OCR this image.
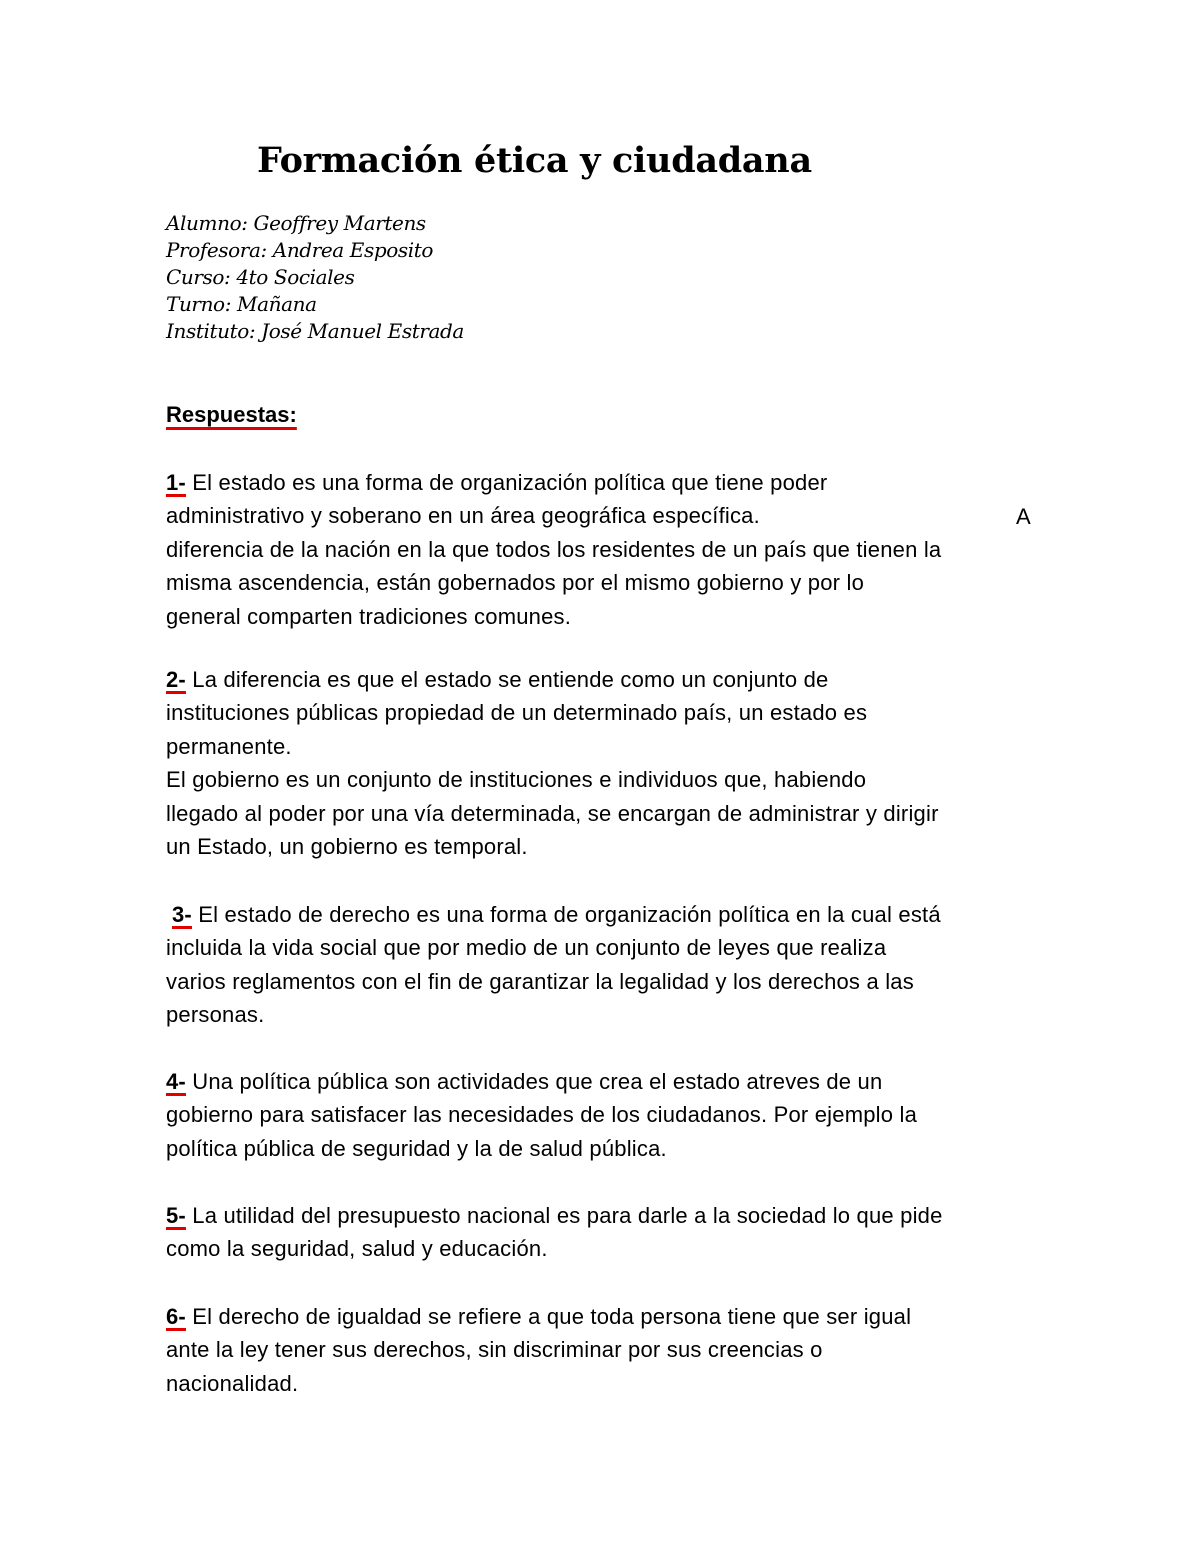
Formación ética y ciudadana
Alumno: Geoffrey Martens
Profesora: Andrea Esposito
Curso: 4to Sociales
Turno: Mañana
Instituto: José Manuel Estrada
Respuestas:
1- El estado es una forma de organización política que tiene poder
administrativo y soberano en un área geográfica específica.
diferencia de la nación en la que todos los residentes de un país que tienen la
misma ascendencia, están gobernados por el mismo gobierno y por lo
general comparten tradiciones comunes.
A
2- La diferencia es que el estado se entiende como un conjunto de
instituciones públicas propiedad de un determinado país, un estado es
permanente.
El gobierno es un conjunto de instituciones e individuos que, habiendo
llegado al poder por una vía determinada, se encargan de administrar y dirigir
un Estado, un gobierno es temporal.
3- El estado de derecho es una forma de organización política en la cual está
incluida la vida social que por medio de un conjunto de leyes que realiza
varios reglamentos con el fin de garantizar la legalidad y los derechos a las
personas.
4- Una política pública son actividades que crea el estado atreves de un
gobierno para satisfacer las necesidades de los ciudadanos. Por ejemplo la
política pública de seguridad y la de salud pública.
5- La utilidad del presupuesto nacional es para darle a la sociedad lo que pide
como la seguridad, salud y educación.
6- El derecho de igualdad se refiere a que toda persona tiene que ser igual
ante la ley tener sus derechos, sin discriminar por sus creencias o
nacionalidad.
